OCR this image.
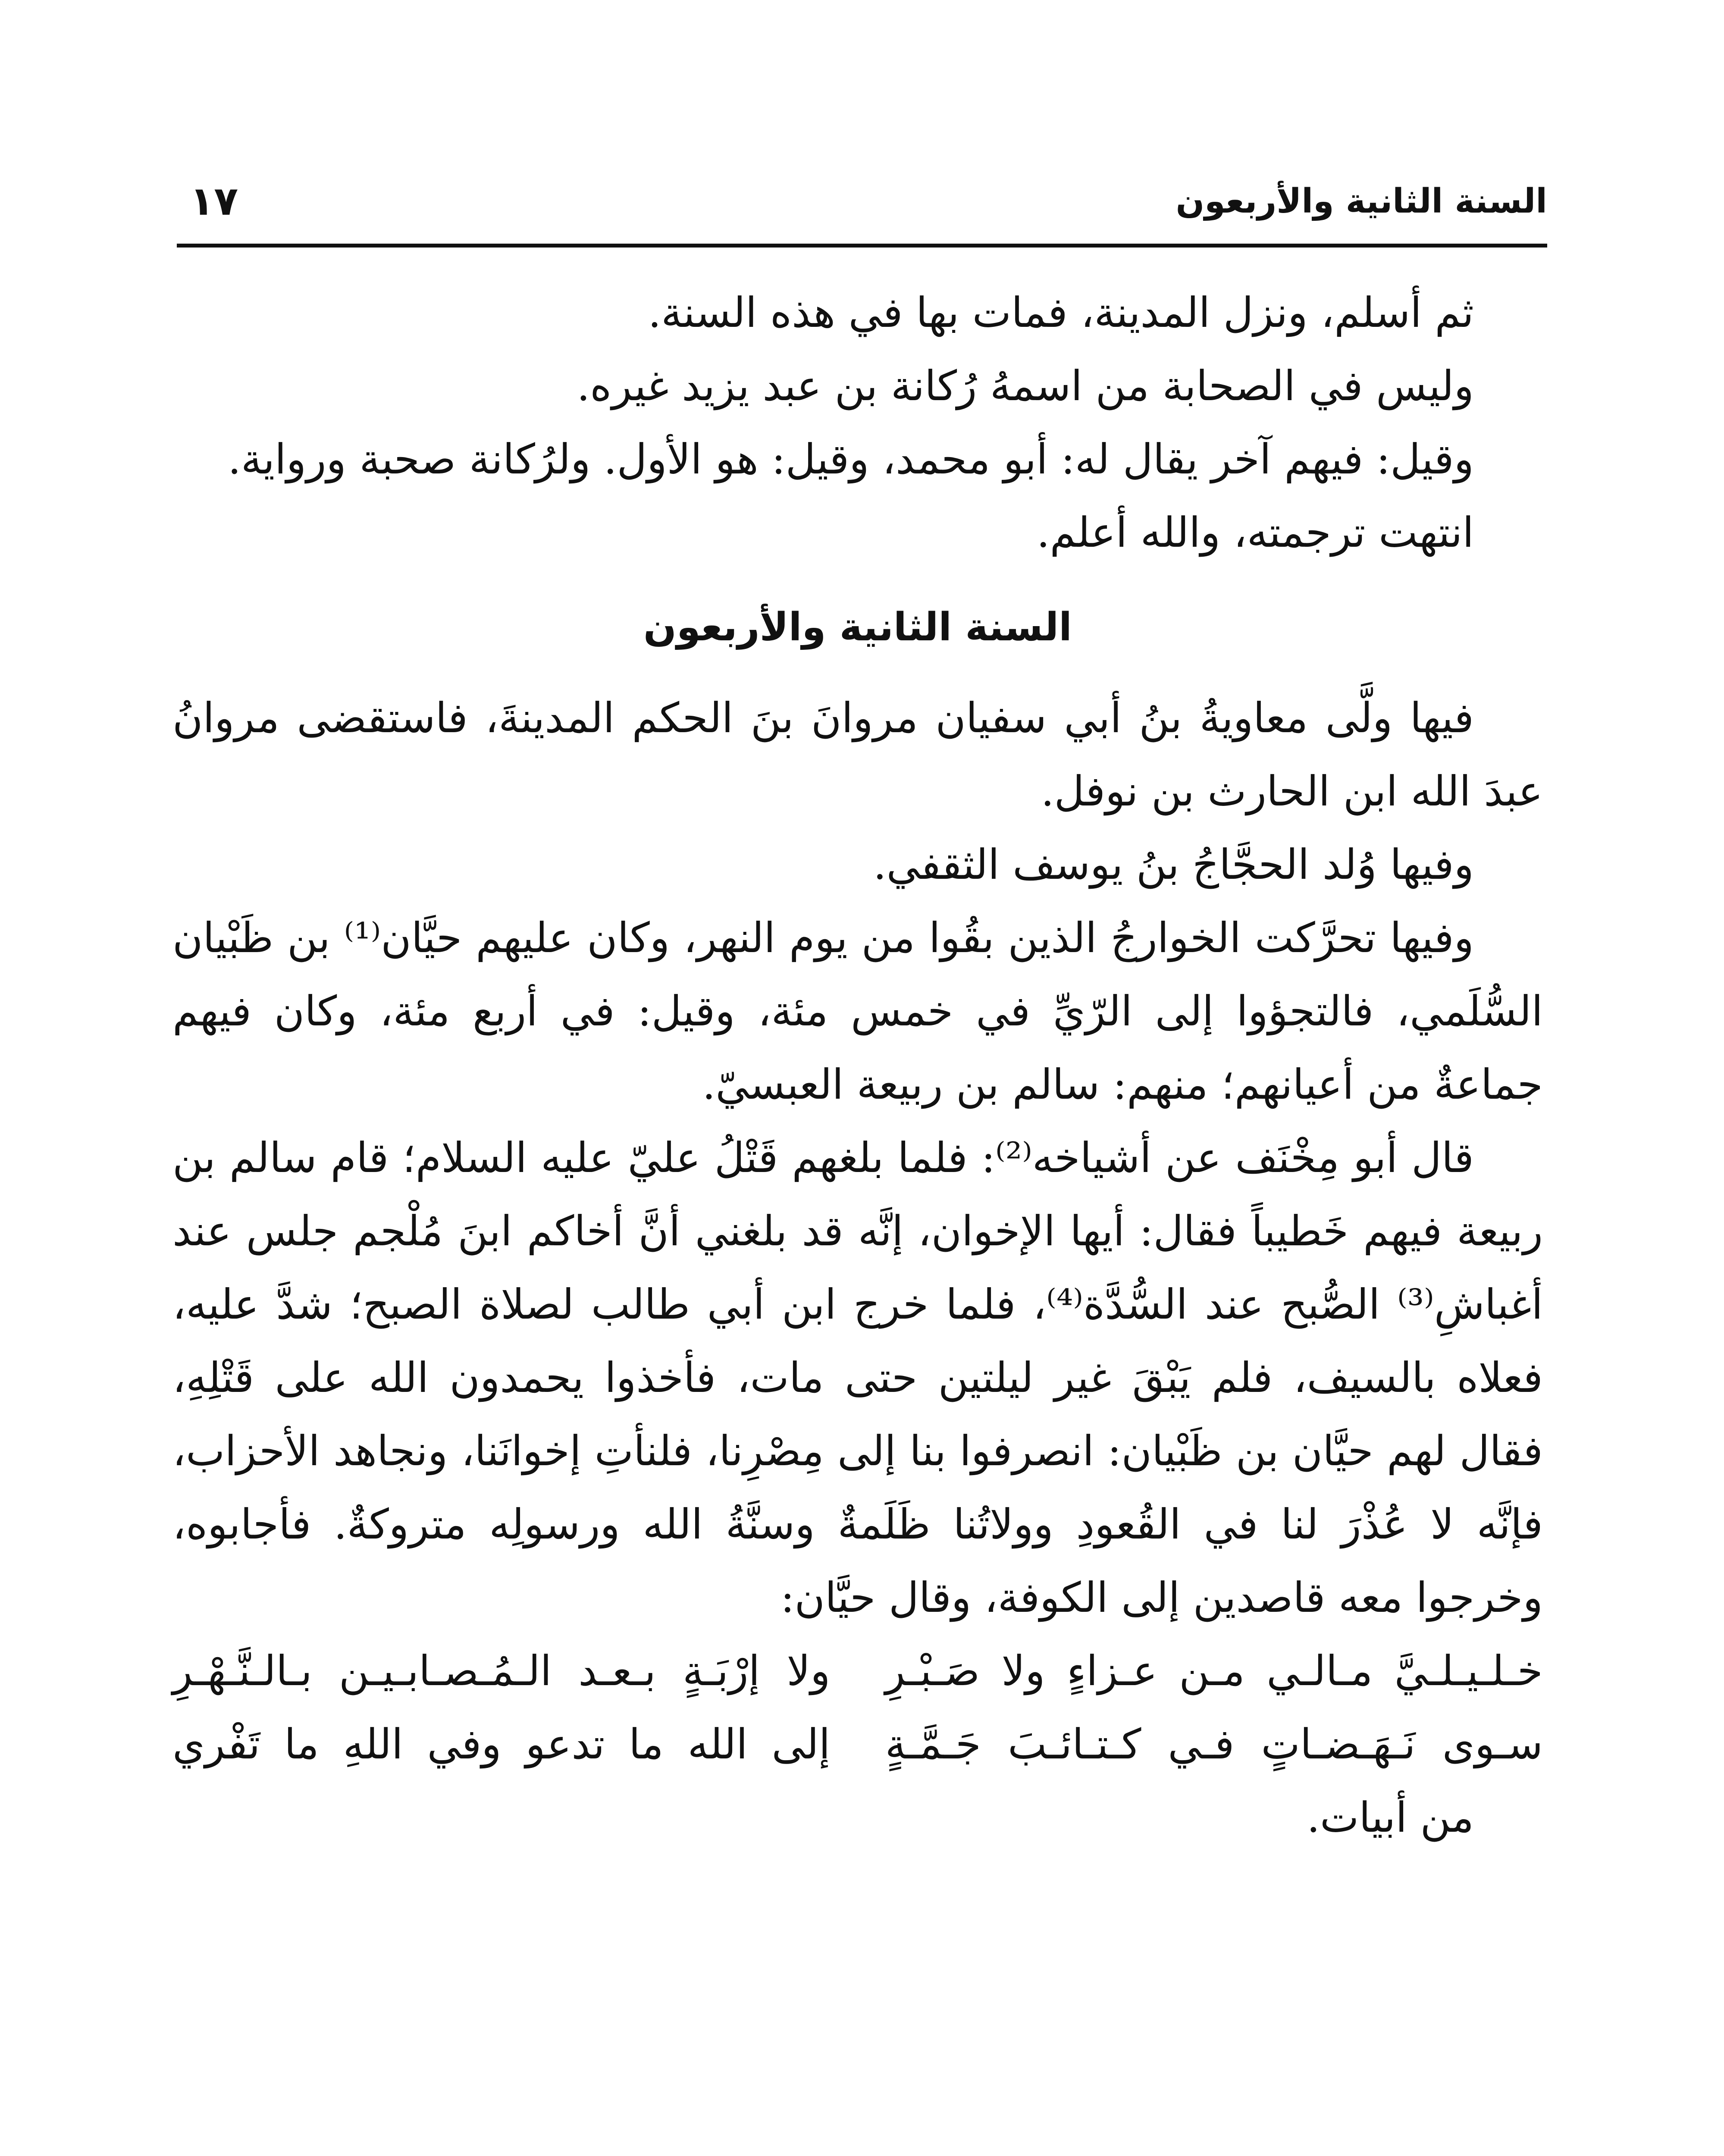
السنة الثانية والأربعون
١٧

ثم أسلم، ونزل المدينة، فمات بها في هذه السنة.

وليس في الصحابة من اسمهُ رُكانة بن عبد يزيد غيره.

وقيل: فيهم آخر يقال له: أبو محمد، وقيل: هو الأول. ولرُكانة صحبة ورواية.

انتهت ترجمته، والله أعلم.

السنة الثانية والأربعون

فيها ولَّى معاويةُ بنُ أبي سفيان مروانَ بنَ الحكم المدينةَ، فاستقضى مروانُ عبدَ الله ابن الحارث بن نوفل.

وفيها وُلد الحجَّاجُ بنُ يوسف الثقفي.

وفيها تحرَّكت الخوارجُ الذين بقُوا من يوم النهر، وكان عليهم حيَّان⁽¹⁾ بن ظَبْيان السُّلَمي، فالتجؤوا إلى الرّيِّ في خمس مئة، وقيل: في أربع مئة، وكان فيهم جماعةٌ من أعيانهم؛ منهم: سالم بن ربيعة العبسيّ.

قال أبو مِخْنَف عن أشياخه⁽²⁾: فلما بلغهم قَتْلُ عليّ عليه السلام؛ قام سالم بن ربيعة فيهم خَطيباً فقال: أيها الإخوان، إنَّه قد بلغني أنَّ أخاكم ابنَ مُلْجم جلس عند أغباشِ⁽³⁾ الصُّبح عند السُّدَّة⁽⁴⁾، فلما خرج ابن أبي طالب لصلاة الصبح؛ شدَّ عليه، فعلاه بالسيف، فلم يَبْقَ غير ليلتين حتى مات، فأخذوا يحمدون الله على قَتْلِهِ، فقال لهم حيَّان بن ظَبْيان: انصرفوا بنا إلى مِصْرِنا، فلنأتِ إخوانَنا، ونجاهد الأحزاب، فإنَّه لا عُذْرَ لنا في القُعودِ وولاتُنا ظَلَمةٌ وسنَّةُ الله ورسولِه متروكةٌ. فأجابوه، وخرجوا معه قاصدين إلى الكوفة، وقال حيَّان:

خـلـيـلـيَّ مـالـي مـن عـزاءٍ ولا صَـبْـرِ
ولا إرْبَـةٍ بـعـد الـمُـصـابـيـن بـالـنَّـهْـرِ
سـوى نَـهَـضـاتٍ فـي كـتـائـبَ جَـمَّـةٍ
إلى الله ما تدعو وفي اللهِ ما تَفْري

من أبيات.
